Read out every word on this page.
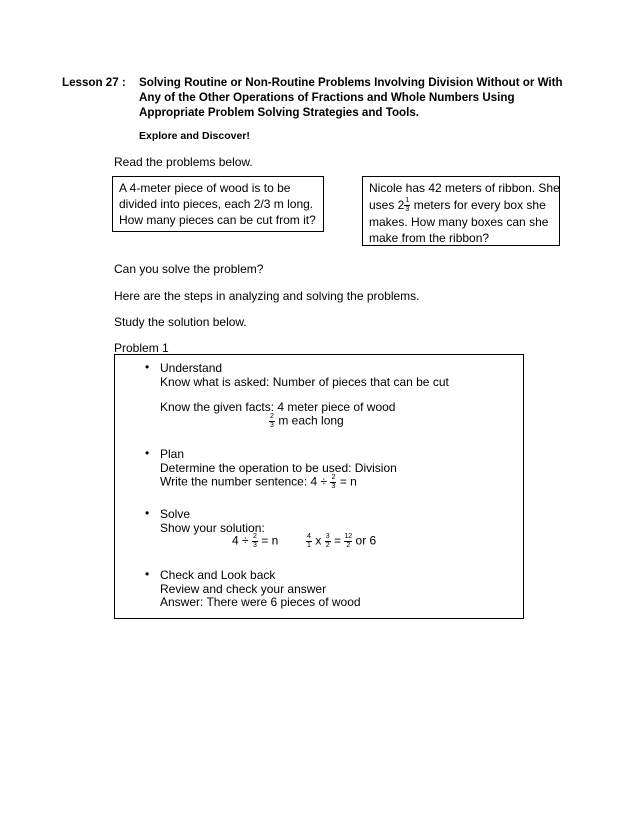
Lesson 27 : Solving Routine or Non-Routine Problems Involving Division Without or With
Any of the Other Operations of Fractions and Whole Numbers Using
Appropriate Problem Solving Strategies and Tools.
Explore and Discover!
Read the problems below.
A 4-meter piece of wood is to be
divided into pieces, each 2/3 m long.
How many pieces can be cut from it?
Nicole has 42 meters of ribbon. She
uses $2 \frac{1}{3}$ meters for every box she
makes. How many boxes can she
make from the ribbon?
Can you solve the problem?
Here are the steps in analyzing and solving the problems.
Study the solution below.
Problem 1
• Understand
Know what is asked: Number of pieces that can be cut
Know the given facts: 4 meter piece of wood
$\frac{2}{3}$ m each long
• Plan
Determine the operation to be used: Division
Write the number sentence: $4 \div \frac{2}{3} = n$
• Solve
Show your solution:
$4 \div \frac{2}{3} = n$	$\frac{4}{1}$ x $\frac{3}{2} = \frac{12}{2}$ or 6
• Check and Look back
Review and check your answer
Answer: There were 6 pieces of wood
